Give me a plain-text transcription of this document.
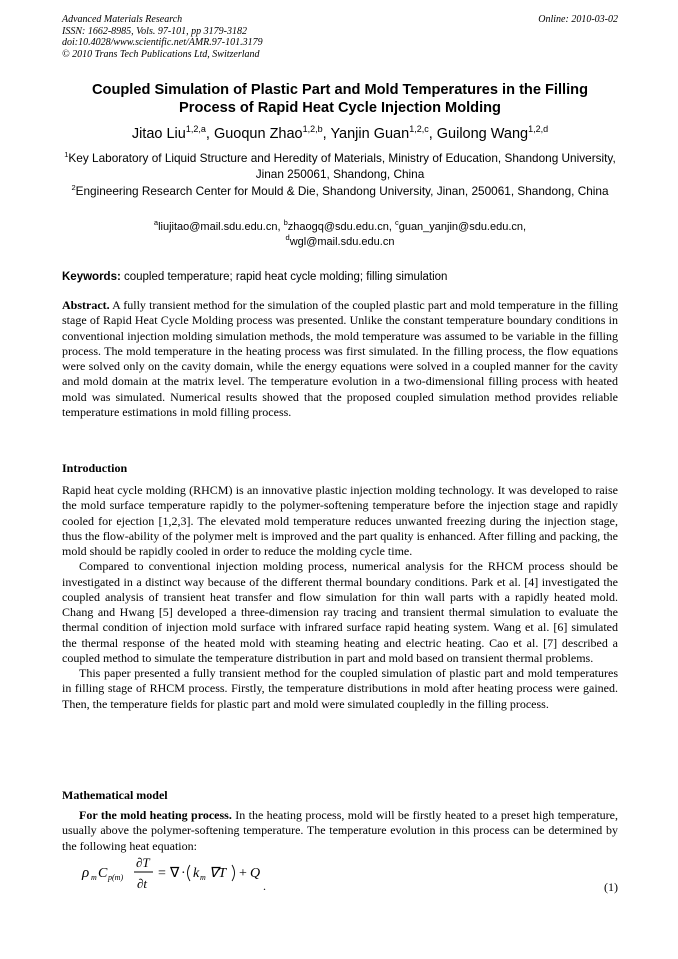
Advanced Materials Research
ISSN: 1662-8985, Vols. 97-101, pp 3179-3182
doi:10.4028/www.scientific.net/AMR.97-101.3179
© 2010 Trans Tech Publications Ltd, Switzerland
Online: 2010-03-02
Coupled Simulation of Plastic Part and Mold Temperatures in the Filling Process of Rapid Heat Cycle Injection Molding
Jitao Liu$^{1,2,a}$, Guoqun Zhao$^{1,2,b}$, Yanjin Guan$^{1,2,c}$, Guilong Wang$^{1,2,d}$
$^1$Key Laboratory of Liquid Structure and Heredity of Materials, Ministry of Education, Shandong University, Jinan 250061, Shandong, China
$^2$Engineering Research Center for Mould & Die, Shandong University, Jinan, 250061, Shandong, China
$^a$liujitao@mail.sdu.edu.cn, $^b$zhaogq@sdu.edu.cn, $^c$guan_yanjin@sdu.edu.cn,
$^d$wgl@mail.sdu.edu.cn
Keywords: coupled temperature; rapid heat cycle molding; filling simulation
Abstract. A fully transient method for the simulation of the coupled plastic part and mold temperature in the filling stage of Rapid Heat Cycle Molding process was presented. Unlike the constant temperature boundary conditions in conventional injection molding simulation methods, the mold temperature was assumed to be variable in the filling process. The mold temperature in the heating process was first simulated. In the filling process, the flow equations were solved only on the cavity domain, while the energy equations were solved in a coupled manner for the cavity and mold domain at the matrix level. The temperature evolution in a two-dimensional filling process with heated mold was simulated. Numerical results showed that the proposed coupled simulation method provides reliable temperature estimations in mold filling process.
Introduction
Rapid heat cycle molding (RHCM) is an innovative plastic injection molding technology. It was developed to raise the mold surface temperature rapidly to the polymer-softening temperature before the injection stage and rapidly cooled for ejection [1,2,3]. The elevated mold temperature reduces unwanted freezing during the injection stage, thus the flow-ability of the polymer melt is improved and the part quality is enhanced. After filling and packing, the mold should be rapidly cooled in order to reduce the molding cycle time.
Compared to conventional injection molding process, numerical analysis for the RHCM process should be investigated in a distinct way because of the different thermal boundary conditions. Park et al. [4] investigated the coupled analysis of transient heat transfer and flow simulation for thin wall parts with a rapidly heated mold. Chang and Hwang [5] developed a three-dimension ray tracing and transient thermal simulation to evaluate the thermal condition of injection mold surface with infrared surface rapid heating system. Wang et al. [6] simulated the thermal response of the heated mold with steaming heating and electric heating. Cao et al. [7] described a coupled method to simulate the temperature distribution in part and mold based on transient thermal problems.
This paper presented a fully transient method for the coupled simulation of plastic part and mold temperatures in filling stage of RHCM process. Firstly, the temperature distributions in mold after heating process were gained. Then, the temperature fields for plastic part and mold were simulated coupledly in the filling process.
Mathematical model
For the mold heating process. In the heating process, mold will be firstly heated to a preset high temperature, usually above the polymer-softening temperature. The temperature evolution in this process can be determined by the following heat equation:
ρ m C p(m)
∂T
∂t
= ∇ · k m ∇T + Q
.	(1)
